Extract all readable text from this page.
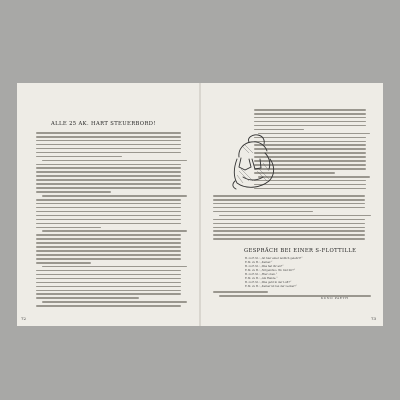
ALLE 25 AK. HART STEUERBORD!
72
GESPRÄCH BEI EINER S-FLOTTILLE
B. zu E.St.: „Ist hier einer leidlich gelehrt?“
E.St. zu B.: „Keiner.“
B. zu E.St.: „Was hat ihr an?“
E.St. zu B.: „Nirgendwo. Wo bist ihr?“
B. zu E.St.: „Hier oben.“
E.St. zu B.: „Am Rande.“
B. zu E.St.: „Was geht in der Luft?“
E.St. zu B.: „Keiner ist bei der Lecker!“
KUNO PAETH
73
